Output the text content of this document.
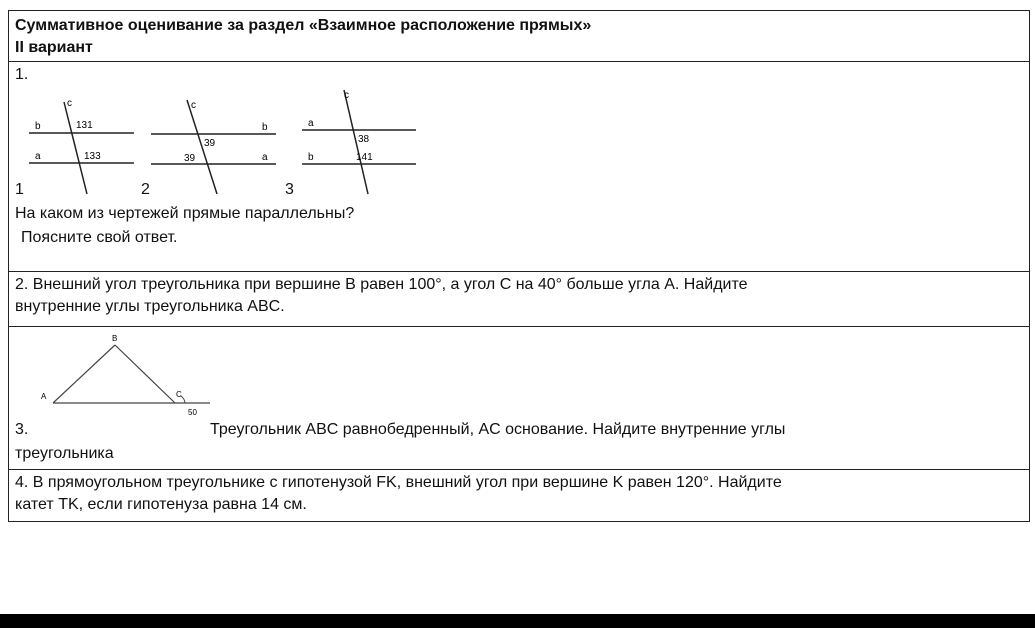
Суммативное оценивание за раздел «Взаимное расположение прямых»
II вариант
1.
b
a
c
131
133
1
c
b
a
39
39
2
c
a
b
38
141
3
На каком из чертежей прямые параллельны?
Поясните свой ответ.
2. Внешний угол треугольника при вершине B равен 100°, а угол C на 40° больше угла A. Найдите
внутренние углы треугольника ABC.
B
A	C
50
3.	Треугольник ABC равнобедренный, AC основание. Найдите внутренние углы
треугольника
4. В прямоугольном треугольнике с гипотенузой FK, внешний угол при вершине K равен 120°. Найдите
катет TK, если гипотенуза равна 14 см.
